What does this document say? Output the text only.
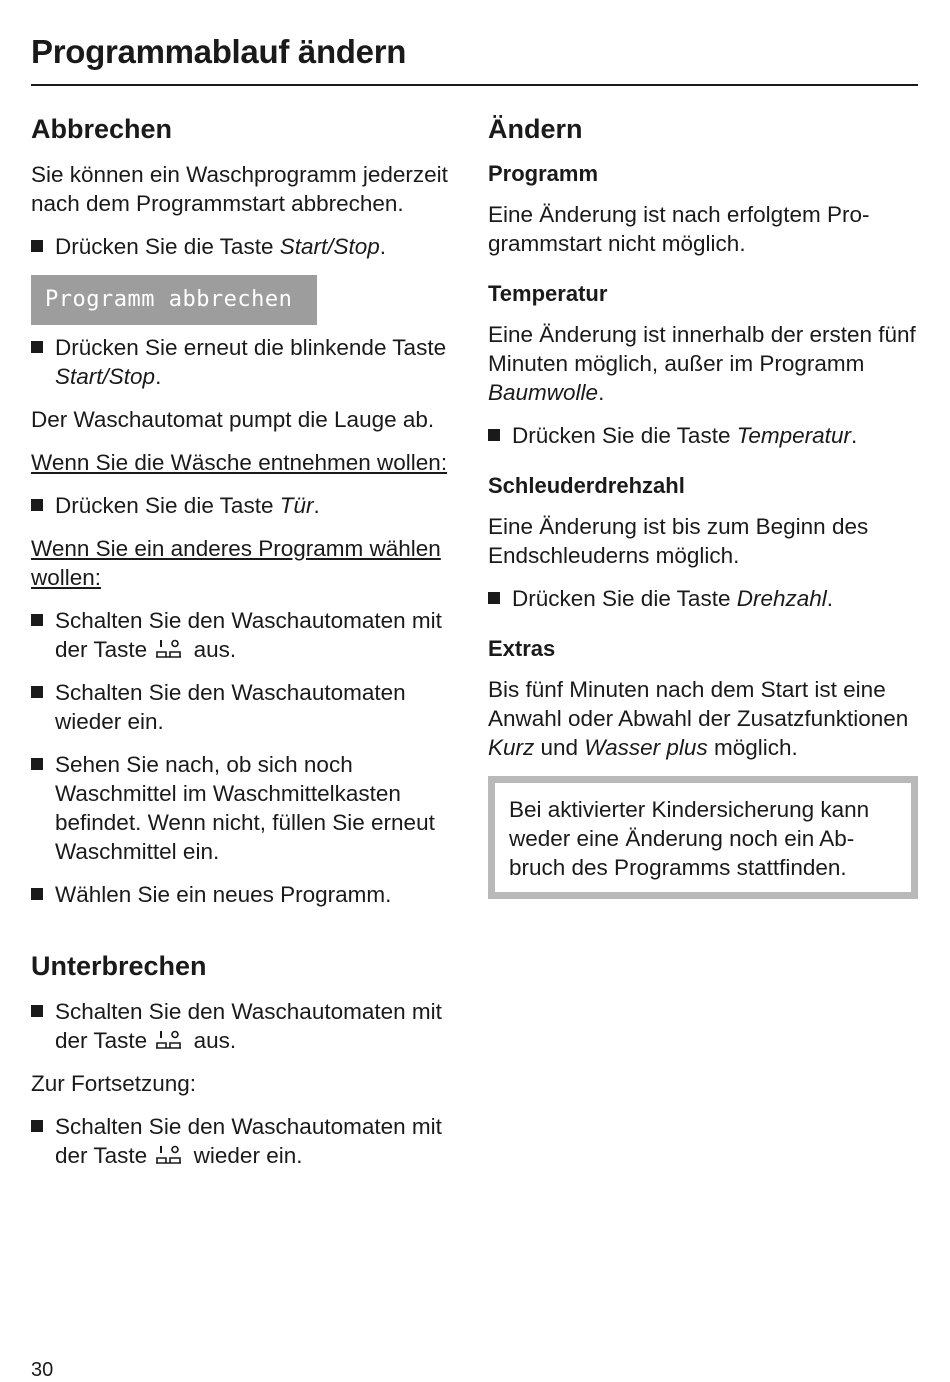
Programmablauf ändern
Abbrechen

Sie können ein Waschprogramm jederzeit nach dem Programmstart abbrechen.

Drücken Sie die Taste Start/Stop.
Programm abbrechen
Drücken Sie erneut die blinkende Taste Start/Stop.

Der Waschautomat pumpt die Lauge ab.

Wenn Sie die Wäsche entnehmen wollen:

Drücken Sie die Taste Tür.

Wenn Sie ein anderes Programm wählen wollen:

Schalten Sie den Waschautomaten mit der Taste  aus.
Schalten Sie den Waschautomaten wieder ein.
Sehen Sie nach, ob sich noch Waschmittel im Waschmittelkasten befindet. Wenn nicht, füllen Sie erneut Waschmittel ein.
Wählen Sie ein neues Programm.
Unterbrechen
Schalten Sie den Waschautomaten mit der Taste  aus.

Zur Fortsetzung:

Schalten Sie den Waschautomaten mit der Taste  wieder ein.
Ändern
Programm

Eine Änderung ist nach erfolgtem Programmstart nicht möglich.

Temperatur

Eine Änderung ist innerhalb der ersten fünf Minuten möglich, außer im Programm Baumwolle.

Drücken Sie die Taste Temperatur.
Schleuderdrehzahl

Eine Änderung ist bis zum Beginn des Endschleuderns möglich.

Drücken Sie die Taste Drehzahl.
Extras

Bis fünf Minuten nach dem Start ist eine Anwahl oder Abwahl der Zusatzfunktionen Kurz und Wasser plus möglich.

Bei aktivierter Kindersicherung kann weder eine Änderung noch ein Abbruch des Programms stattfinden.

30
